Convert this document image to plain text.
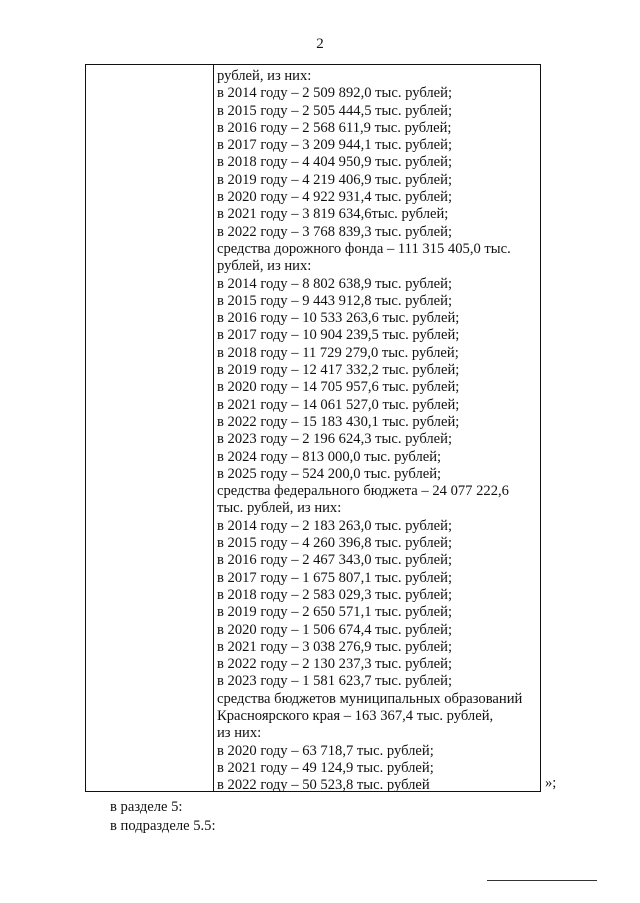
2
рублей, из них:
в 2014 году – 2 509 892,0 тыс. рублей;
в 2015 году – 2 505 444,5 тыс. рублей;
в 2016 году – 2 568 611,9 тыс. рублей;
в 2017 году – 3 209 944,1 тыс. рублей;
в 2018 году – 4 404 950,9 тыс. рублей;
в 2019 году – 4 219 406,9 тыс. рублей;
в 2020 году – 4 922 931,4 тыс. рублей;
в 2021 году – 3 819 634,6тыс. рублей;
в 2022 году – 3 768 839,3 тыс. рублей;
средства дорожного фонда – 111 315 405,0 тыс.
рублей, из них:
в 2014 году – 8 802 638,9 тыс. рублей;
в 2015 году – 9 443 912,8 тыс. рублей;
в 2016 году – 10 533 263,6 тыс. рублей;
в 2017 году – 10 904 239,5 тыс. рублей;
в 2018 году – 11 729 279,0 тыс. рублей;
в 2019 году – 12 417 332,2 тыс. рублей;
в 2020 году – 14 705 957,6 тыс. рублей;
в 2021 году – 14 061 527,0 тыс. рублей;
в 2022 году – 15 183 430,1 тыс. рублей;
в 2023 году – 2 196 624,3 тыс. рублей;
в 2024 году – 813 000,0 тыс. рублей;
в 2025 году – 524 200,0 тыс. рублей;
средства федерального бюджета – 24 077 222,6
тыс. рублей, из них:
в 2014 году – 2 183 263,0 тыс. рублей;
в 2015 году – 4 260 396,8 тыс. рублей;
в 2016 году – 2 467 343,0 тыс. рублей;
в 2017 году – 1 675 807,1 тыс. рублей;
в 2018 году – 2 583 029,3 тыс. рублей;
в 2019 году – 2 650 571,1 тыс. рублей;
в 2020 году – 1 506 674,4 тыс. рублей;
в 2021 году – 3 038 276,9 тыс. рублей;
в 2022 году – 2 130 237,3 тыс. рублей;
в 2023 году – 1 581 623,7 тыс. рублей;
средства бюджетов муниципальных образований
Красноярского края – 163 367,4 тыс. рублей,
из них:
в 2020 году – 63 718,7 тыс. рублей;
в 2021 году – 49 124,9 тыс. рублей;
в 2022 году – 50 523,8 тыс. рублей	»;
в разделе 5:
в подразделе 5.5:
